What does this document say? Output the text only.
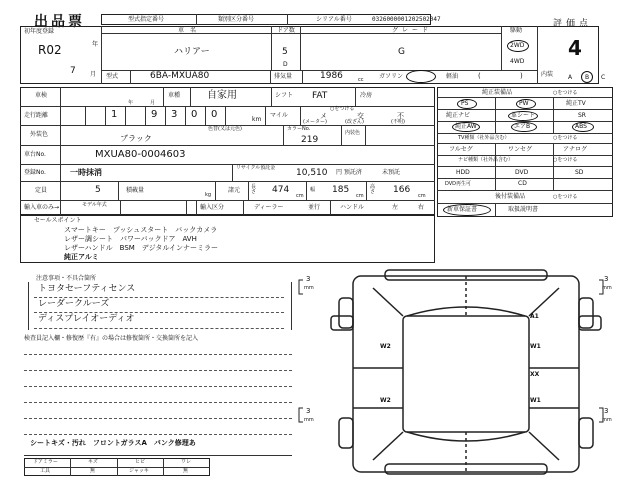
出品票	型式指定番号	類別区分番号	シリアル番号	0326000001202502047	評価点
初年度登録
R02	年
7 月
車名
ハリアー
ドア数
5
D
グレード
G
駆動
2WD
4WD
4
型式	6BA-MXUA80	排気量	1986	cc	ガソリン	軽油	(	)	内装 A B C
車検
年	月
車種	自家用	シフト FAT	冷房
走行距離	1	9 3 0 0	km
マイル
○をつける
メ	交	不
(メーター)	(改ざん)	(不明)
外装色	ブラック
色替(又は元色)	カラーNo.
219
内装色
車台No.	MXUA80-0004603
登録No.	一時抹消	リサイクル預託金 10,510 円 預託済	未預託
定員	5	積載量
kg
諸元 長さ	474
cm
幅 185
cm
高さ	166
cm
輸入車のみ→	モデル年式	輸入区分	ディーラー	並行	ハンドル	左	右
純正装備品	○をつける
PS	PW	純正TV
純正ナビ	革シート	SR
純正AW	エアB	ABS
TV種類（社外品含む）	○をつける
フルセグ	ワンセグ	アナログ
ナビ種類（社外品含む）	○をつける
HDD	DVD	SD
DVD再生可	CD
後付装備品	○をつける
新車保証書	取扱説明書
セールスポイント
スマートキー　プッシュスタート　バックカメラ
レザー調シート　パワーバックドア　AVH
レザーハンドル　BSM　デジタルインナーミラー
純正アルミ
注意事項・不具合箇所
トヨタセーフティセンス
レーダークルーズ
ディスプレイオーディオ
検査員記入欄・修復歴『有』の場合は修復箇所・交換箇所を記入
シートキズ・汚れ　フロントガラスA　バンク修理あ
ドアミラー	キズ	ヒビ	ワレ
工具	無	ジャッキ	無
3
mm
3
mm
3
mm
3
mm
A1
W2	W1
W2
XX
W1
